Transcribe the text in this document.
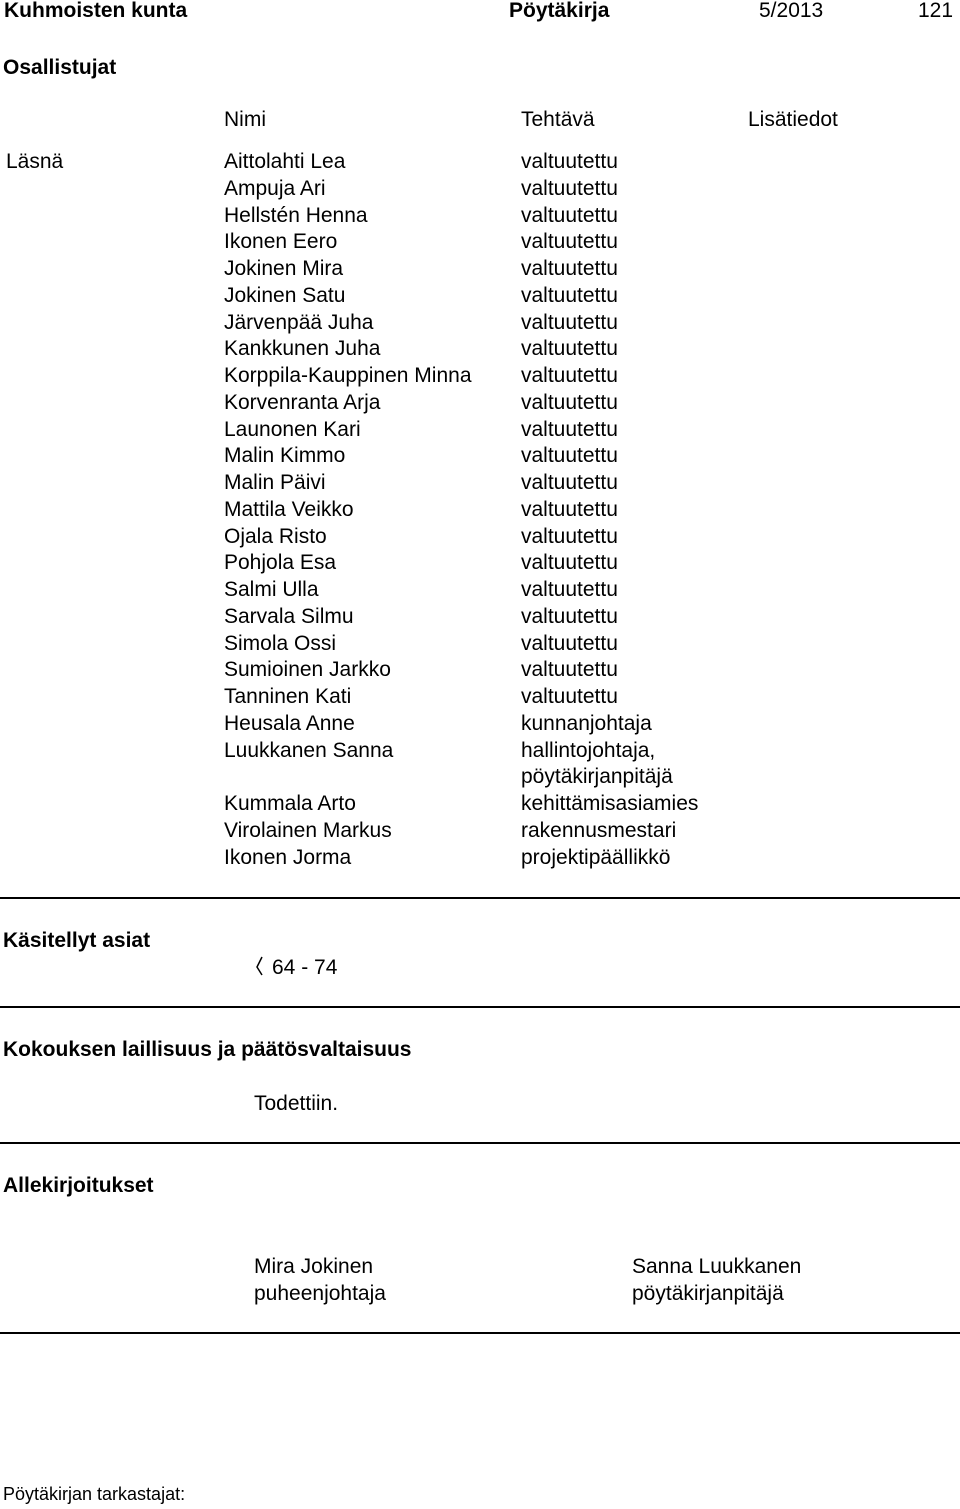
Kuhmoisten kunta	Pöytäkirja	5/2013	121
Osallistujat
Nimi	Tehtävä	Lisätiedot
Läsnä	Aittolahti Lea	valtuutettu
Ampuja Ari	valtuutettu
Hellstén Henna	valtuutettu
Ikonen Eero	valtuutettu
Jokinen Mira	valtuutettu
Jokinen Satu	valtuutettu
Järvenpää Juha	valtuutettu
Kankkunen Juha	valtuutettu
Korppila-Kauppinen Minna valtuutettu
Korvenranta Arja	valtuutettu
Launonen Kari	valtuutettu
Malin Kimmo	valtuutettu
Malin Päivi	valtuutettu
Mattila Veikko	valtuutettu
Ojala Risto	valtuutettu
Pohjola Esa	valtuutettu
Salmi Ulla	valtuutettu
Sarvala Silmu	valtuutettu
Simola Ossi	valtuutettu
Sumioinen Jarkko	valtuutettu
Tanninen Kati	valtuutettu
Heusala Anne	kunnanjohtaja
Luukkanen Sanna	hallintojohtaja,
pöytäkirjanpitäjä
Kummala Arto	kehittämisasiamies
Virolainen Markus	rakennusmestari
Ikonen Jorma	projektipäällikkö
Käsitellyt asiat
64 - 74
Kokouksen laillisuus ja päätösvaltaisuus
Todettiin.
Allekirjoitukset
Mira Jokinen
puheenjohtaja
Sanna Luukkanen
pöytäkirjanpitäjä
Pöytäkirjan tarkastajat:
